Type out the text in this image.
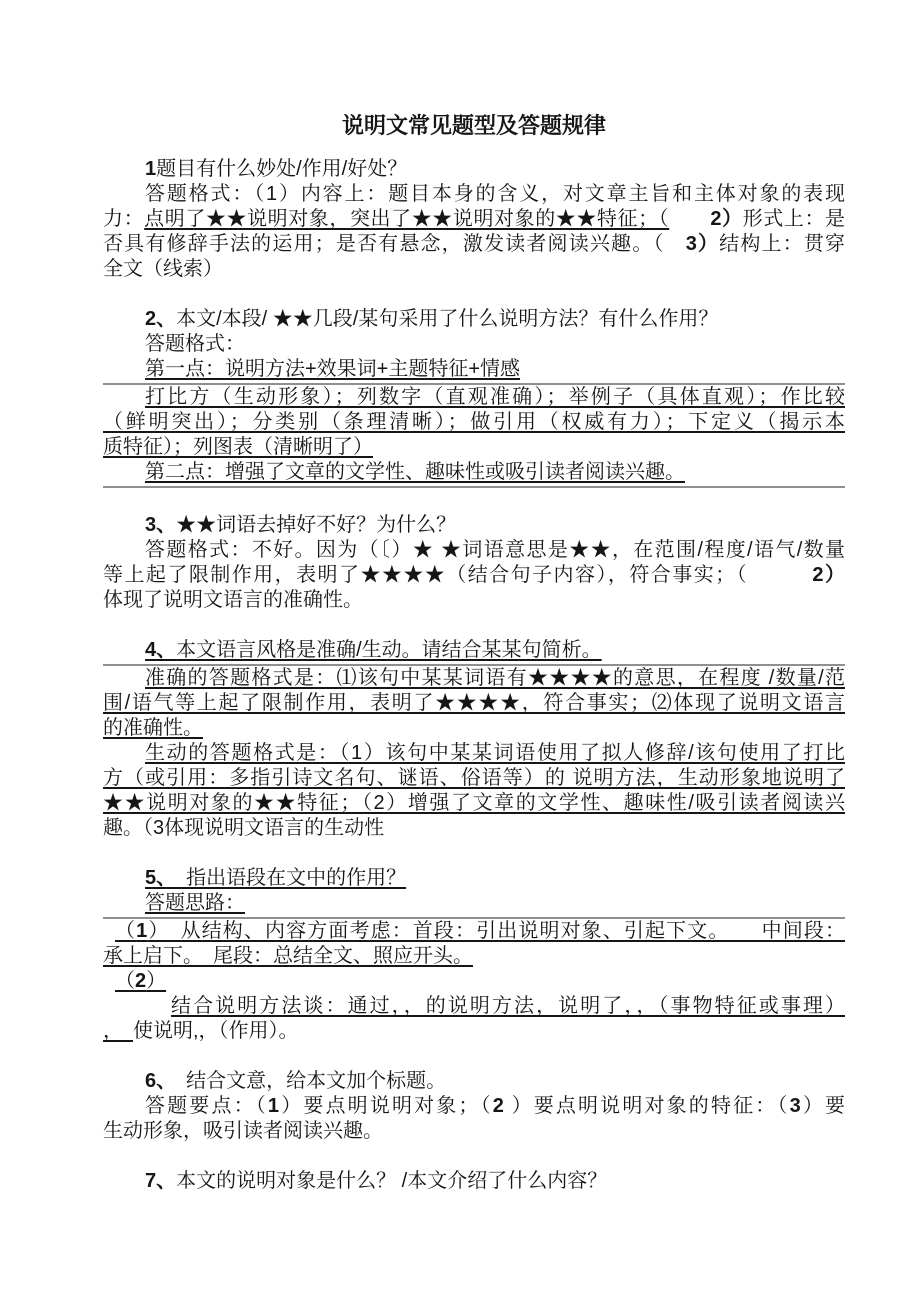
说明文常见题型及答题规律
1题目有什么妙处/作用/好处？
答题格式：（1）内容上：题目本身的含义，对文章主旨和主体对象的表现
力：点明了★★说明对象，突出了★★说明对象的★★特征；（　　 2）形式上：是
否具有修辞手法的运用；是否有悬念，激发读者阅读兴趣。（　3）结构上：贯穿
全文（线索）
2、本文/本段/ ★★几段/某句采用了什么说明方法？有什么作用？
答题格式：
第一点：说明方法+效果词+主题特征+情感
打比方（生动形象）；列数字（直观准确）；举例子（具体直观）；作比较
（鲜明突出）；分类别（条理清晰）；做引用（权威有力）；下定义（揭示本
质特征）；列图表（清晰明了）
第二点：增强了文章的文学性、趣味性或吸引读者阅读兴趣。
3、★★词语去掉好不好？为什么？
答题格式：不好。因为（〔）★ ★词语意思是★★，在范围/程度/语气/数量
等上起了限制作用，表明了★★★★（结合句子内容），符合事实；（　　　2）
体现了说明文语言的准确性。
4、本文语言风格是准确/生动。请结合某某句简析。
准确的答题格式是：⑴该句中某某词语有★★★★的意思，在程度 /数量/范
围/语气等上起了限制作用，表明了★★★★，符合事实；⑵体现了说明文语言
的准确性。
生动的答题格式是：（1）该句中某某词语使用了拟人修辞/该句使用了打比
方（或引用：多指引诗文名句、谜语、俗语等）的 说明方法，生动形象地说明了
★★说明对象的★★特征；（2）增强了文章的文学性、趣味性/吸引读者阅读兴
趣。（3体现说明文语言的生动性
5、　指出语段在文中的作用？
答题思路：
（1）　从结构、内容方面考虑：首段：引出说明对象、引起下文。　　中间段：
承上启下。　尾段：总结全文、照应开头。
（2）
结合说明方法谈：通过，，的说明方法，说明了，，（事物特征或事理）
，　使说明,，（作用）。
6、　结合文意，给本文加个标题。
答题要点：（1）要点明说明对象；（2 ）要点明说明对象的特征：（3）要
生动形象，吸引读者阅读兴趣。
7、本文的说明对象是什么？ /本文介绍了什么内容？
